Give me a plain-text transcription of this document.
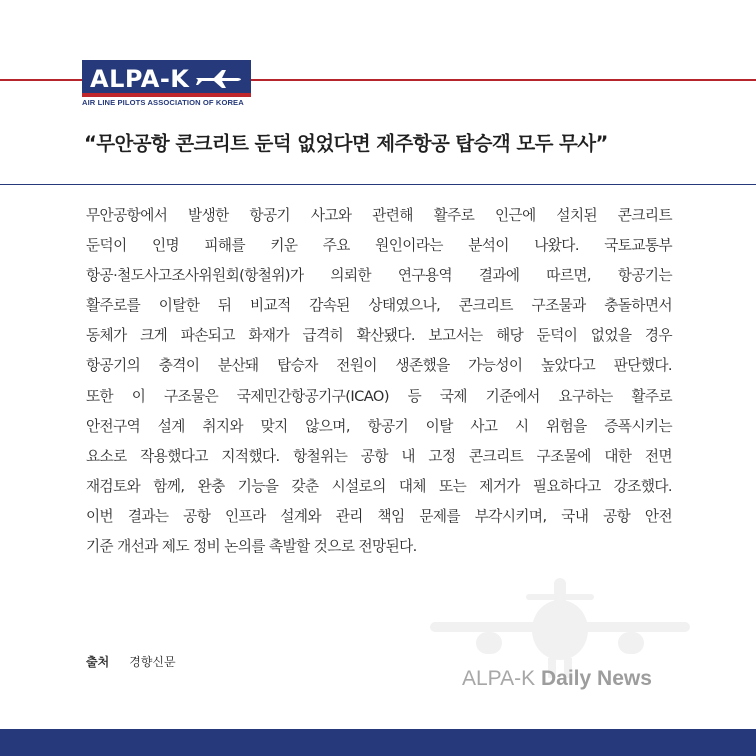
ALPA-K
AIR LINE PILOTS ASSOCIATION OF KOREA
“무안공항 콘크리트 둔덕 없었다면 제주항공 탑승객 모두 무사”
무안공항에서 발생한 항공기 사고와 관련해 활주로 인근에 설치된 콘크리트
둔덕이 인명 피해를 키운 주요 원인이라는 분석이 나왔다. 국토교통부
항공·철도사고조사위원회(항철위)가 의뢰한 연구용역 결과에 따르면, 항공기는
활주로를 이탈한 뒤 비교적 감속된 상태였으나, 콘크리트 구조물과 충돌하면서
동체가 크게 파손되고 화재가 급격히 확산됐다. 보고서는 해당 둔덕이 없었을 경우
항공기의 충격이 분산돼 탑승자 전원이 생존했을 가능성이 높았다고 판단했다.
또한 이 구조물은 국제민간항공기구(ICAO) 등 국제 기준에서 요구하는 활주로
안전구역 설계 취지와 맞지 않으며, 항공기 이탈 사고 시 위험을 증폭시키는
요소로 작용했다고 지적했다. 항철위는 공항 내 고정 콘크리트 구조물에 대한 전면
재검토와 함께, 완충 기능을 갖춘 시설로의 대체 또는 제거가 필요하다고 강조했다.
이번 결과는 공항 인프라 설계와 관리 책임 문제를 부각시키며, 국내 공항 안전
기준 개선과 제도 정비 논의를 촉발할 것으로 전망된다.
출처 경향신문
ALPA-K Daily News
